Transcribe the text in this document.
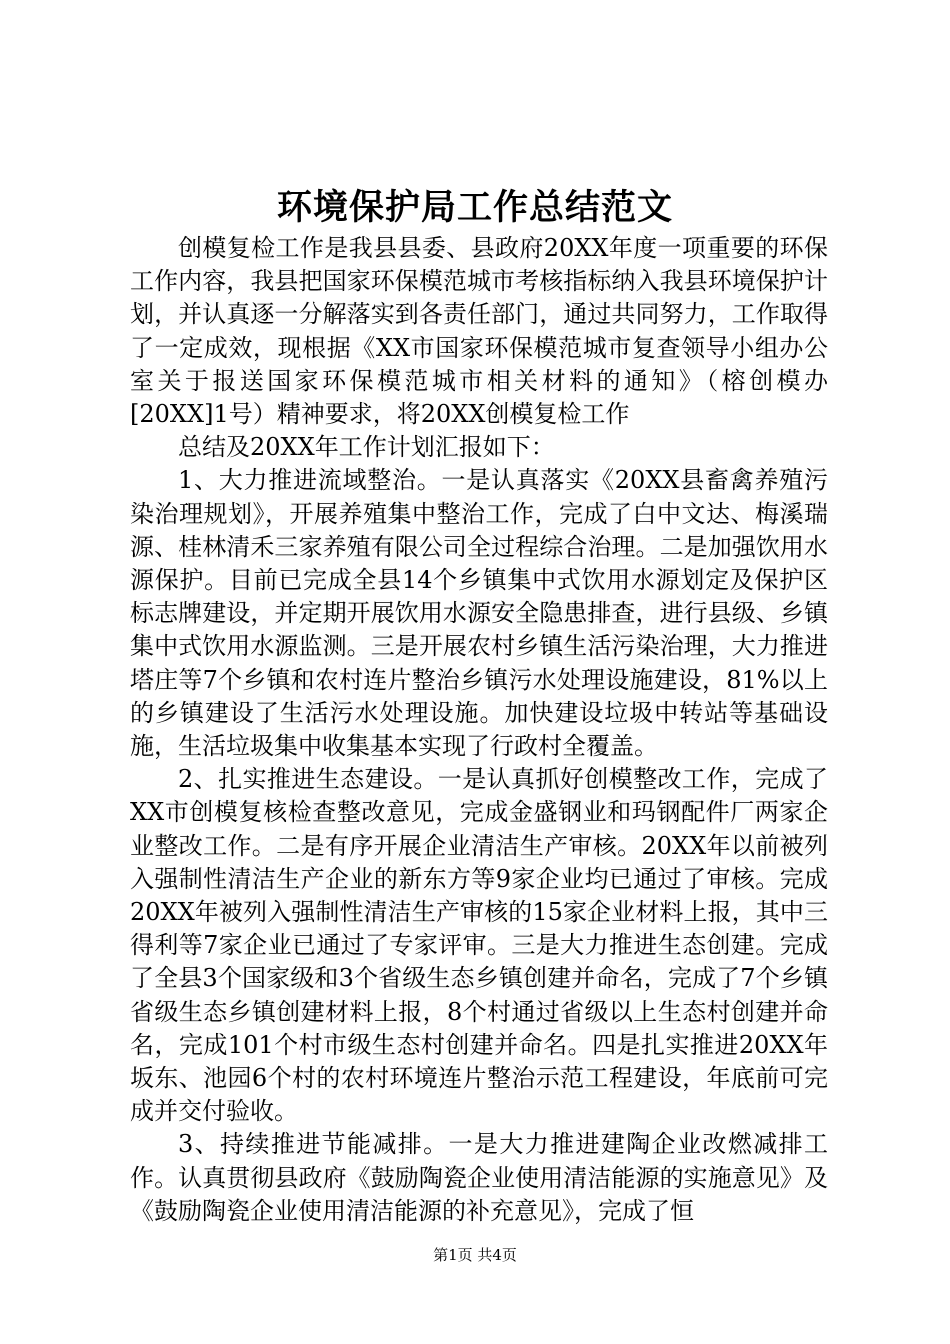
环境保护局工作总结范文

创模复检工作是我县县委、县政府20XX年度一项重要的环保工作内容，我县把国家环保模范城市考核指标纳入我县环境保护计划，并认真逐一分解落实到各责任部门，通过共同努力，工作取得了一定成效，现根据《XX市国家环保模范城市复查领导小组办公室关于报送国家环保模范城市相关材料的通知》（榕创模办[20XX]1号）精神要求，将20XX创模复检工作

总结及20XX年工作计划汇报如下：

1、大力推进流域整治。一是认真落实《20XX县畜禽养殖污染治理规划》，开展养殖集中整治工作，完成了白中文达、梅溪瑞源、桂林清禾三家养殖有限公司全过程综合治理。二是加强饮用水源保护。目前已完成全县14个乡镇集中式饮用水源划定及保护区标志牌建设，并定期开展饮用水源安全隐患排查，进行县级、乡镇集中式饮用水源监测。三是开展农村乡镇生活污染治理，大力推进塔庄等7个乡镇和农村连片整治乡镇污水处理设施建设，81%以上的乡镇建设了生活污水处理设施。加快建设垃圾中转站等基础设施，生活垃圾集中收集基本实现了行政村全覆盖。

2、扎实推进生态建设。一是认真抓好创模整改工作，完成了XX市创模复核检查整改意见，完成金盛钢业和玛钢配件厂两家企业整改工作。二是有序开展企业清洁生产审核。20XX年以前被列入强制性清洁生产企业的新东方等9家企业均已通过了审核。完成20XX年被列入强制性清洁生产审核的15家企业材料上报，其中三得利等7家企业已通过了专家评审。三是大力推进生态创建。完成了全县3个国家级和3个省级生态乡镇创建并命名，完成了7个乡镇省级生态乡镇创建材料上报，8个村通过省级以上生态村创建并命名，完成101个村市级生态村创建并命名。四是扎实推进20XX年坂东、池园6个村的农村环境连片整治示范工程建设，年底前可完成并交付验收。

3、持续推进节能减排。一是大力推进建陶企业改燃减排工作。认真贯彻县政府《鼓励陶瓷企业使用清洁能源的实施意见》及《鼓励陶瓷企业使用清洁能源的补充意见》，完成了恒

第1页 共4页
